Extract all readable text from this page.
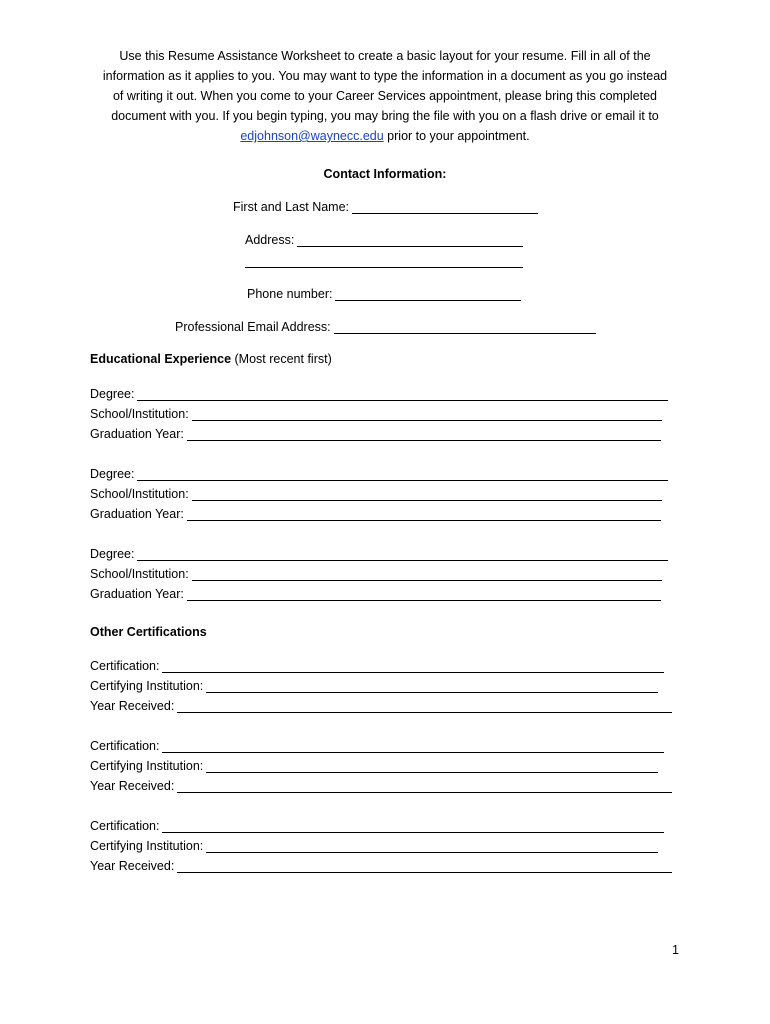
Use this Resume Assistance Worksheet to create a basic layout for your resume. Fill in all of the

information as it applies to you. You may want to type the information in a document as you go instead

of writing it out. When you come to your Career Services appointment, please bring this completed

document with you. If you begin typing, you may bring the file with you on a flash drive or email it to

edjohnson@waynecc.edu prior to your appointment.

Contact Information:
First and Last Name:
Address:
Phone number:
Professional Email Address:
Educational Experience (Most recent first)
Degree:
School/Institution:
Graduation Year:
Degree:
School/Institution:
Graduation Year:
Degree:
School/Institution:
Graduation Year:
Other Certifications
Certification:
Certifying Institution:
Year Received:
Certification:
Certifying Institution:
Year Received:
Certification:
Certifying Institution:
Year Received:
1
